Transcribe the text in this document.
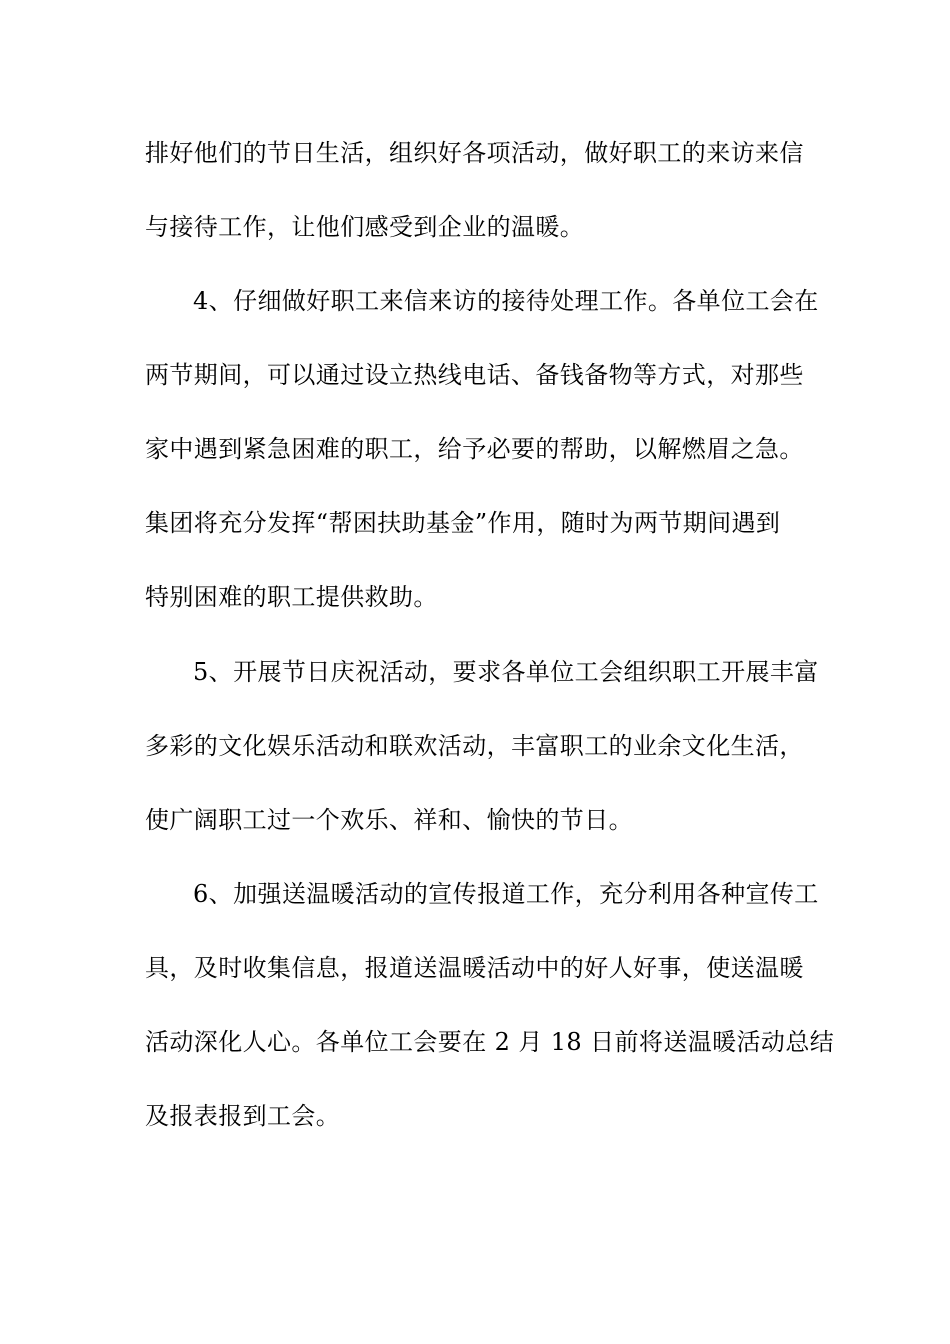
排好他们的节日生活，组织好各项活动，做好职工的来访来信
与接待工作，让他们感受到企业的温暖。
4、仔细做好职工来信来访的接待处理工作。各单位工会在
两节期间，可以通过设立热线电话、备钱备物等方式，对那些
家中遇到紧急困难的职工，给予必要的帮助，以解燃眉之急。
集团将充分发挥“帮困扶助基金”作用，随时为两节期间遇到
特别困难的职工提供救助。
5、开展节日庆祝活动，要求各单位工会组织职工开展丰富
多彩的文化娱乐活动和联欢活动，丰富职工的业余文化生活，
使广阔职工过一个欢乐、祥和、愉快的节日。
6、加强送温暖活动的宣传报道工作，充分利用各种宣传工
具，及时收集信息，报道送温暖活动中的好人好事，使送温暖
活动深化人心。各单位工会要在 2 月 18 日前将送温暖活动总结
及报表报到工会。
